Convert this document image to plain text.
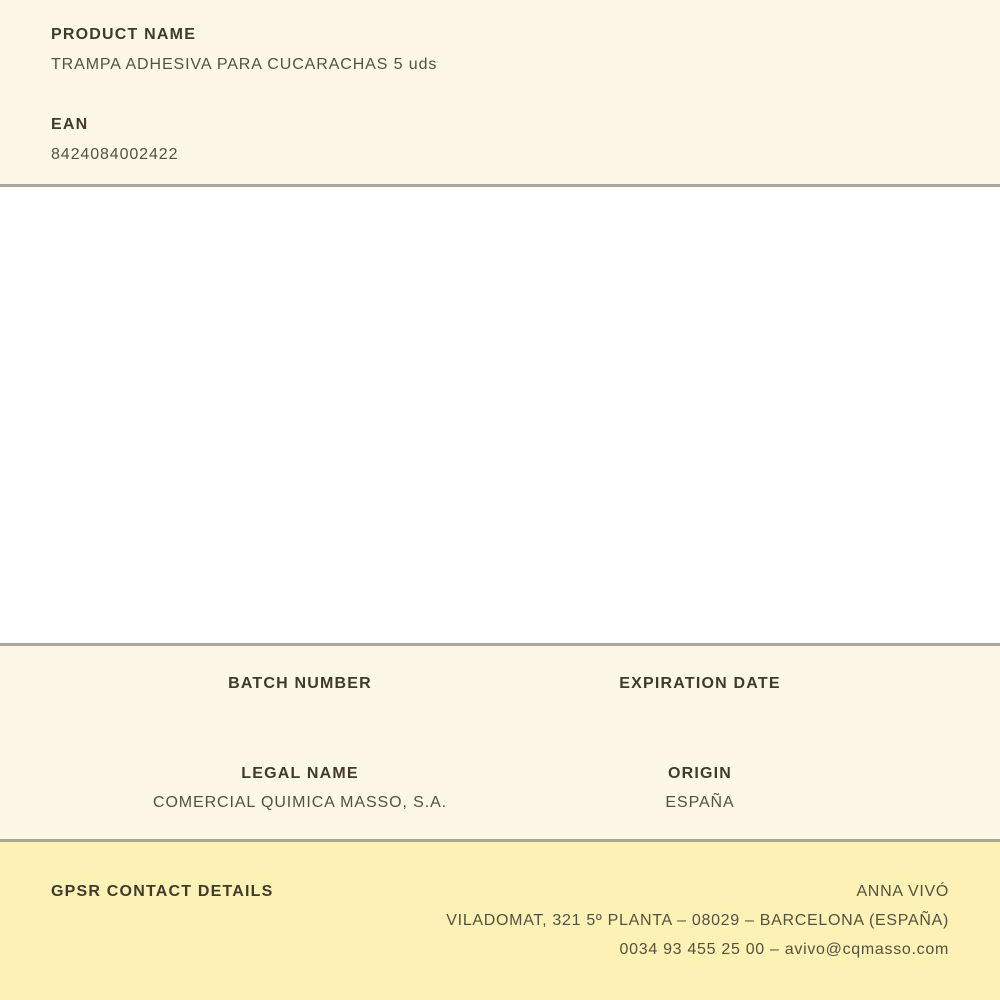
PRODUCT NAME
TRAMPA ADHESIVA PARA CUCARACHAS 5 uds
EAN
8424084002422
BATCH NUMBER	EXPIRATION DATE
LEGAL NAME
COMERCIAL QUIMICA MASSO, S.A.
ORIGIN
ESPAÑA
GPSR CONTACT DETAILS	ANNA VIVÓ
VILADOMAT, 321 5º PLANTA – 08029 – BARCELONA (ESPAÑA)
0034 93 455 25 00 – avivo@cqmasso.com
